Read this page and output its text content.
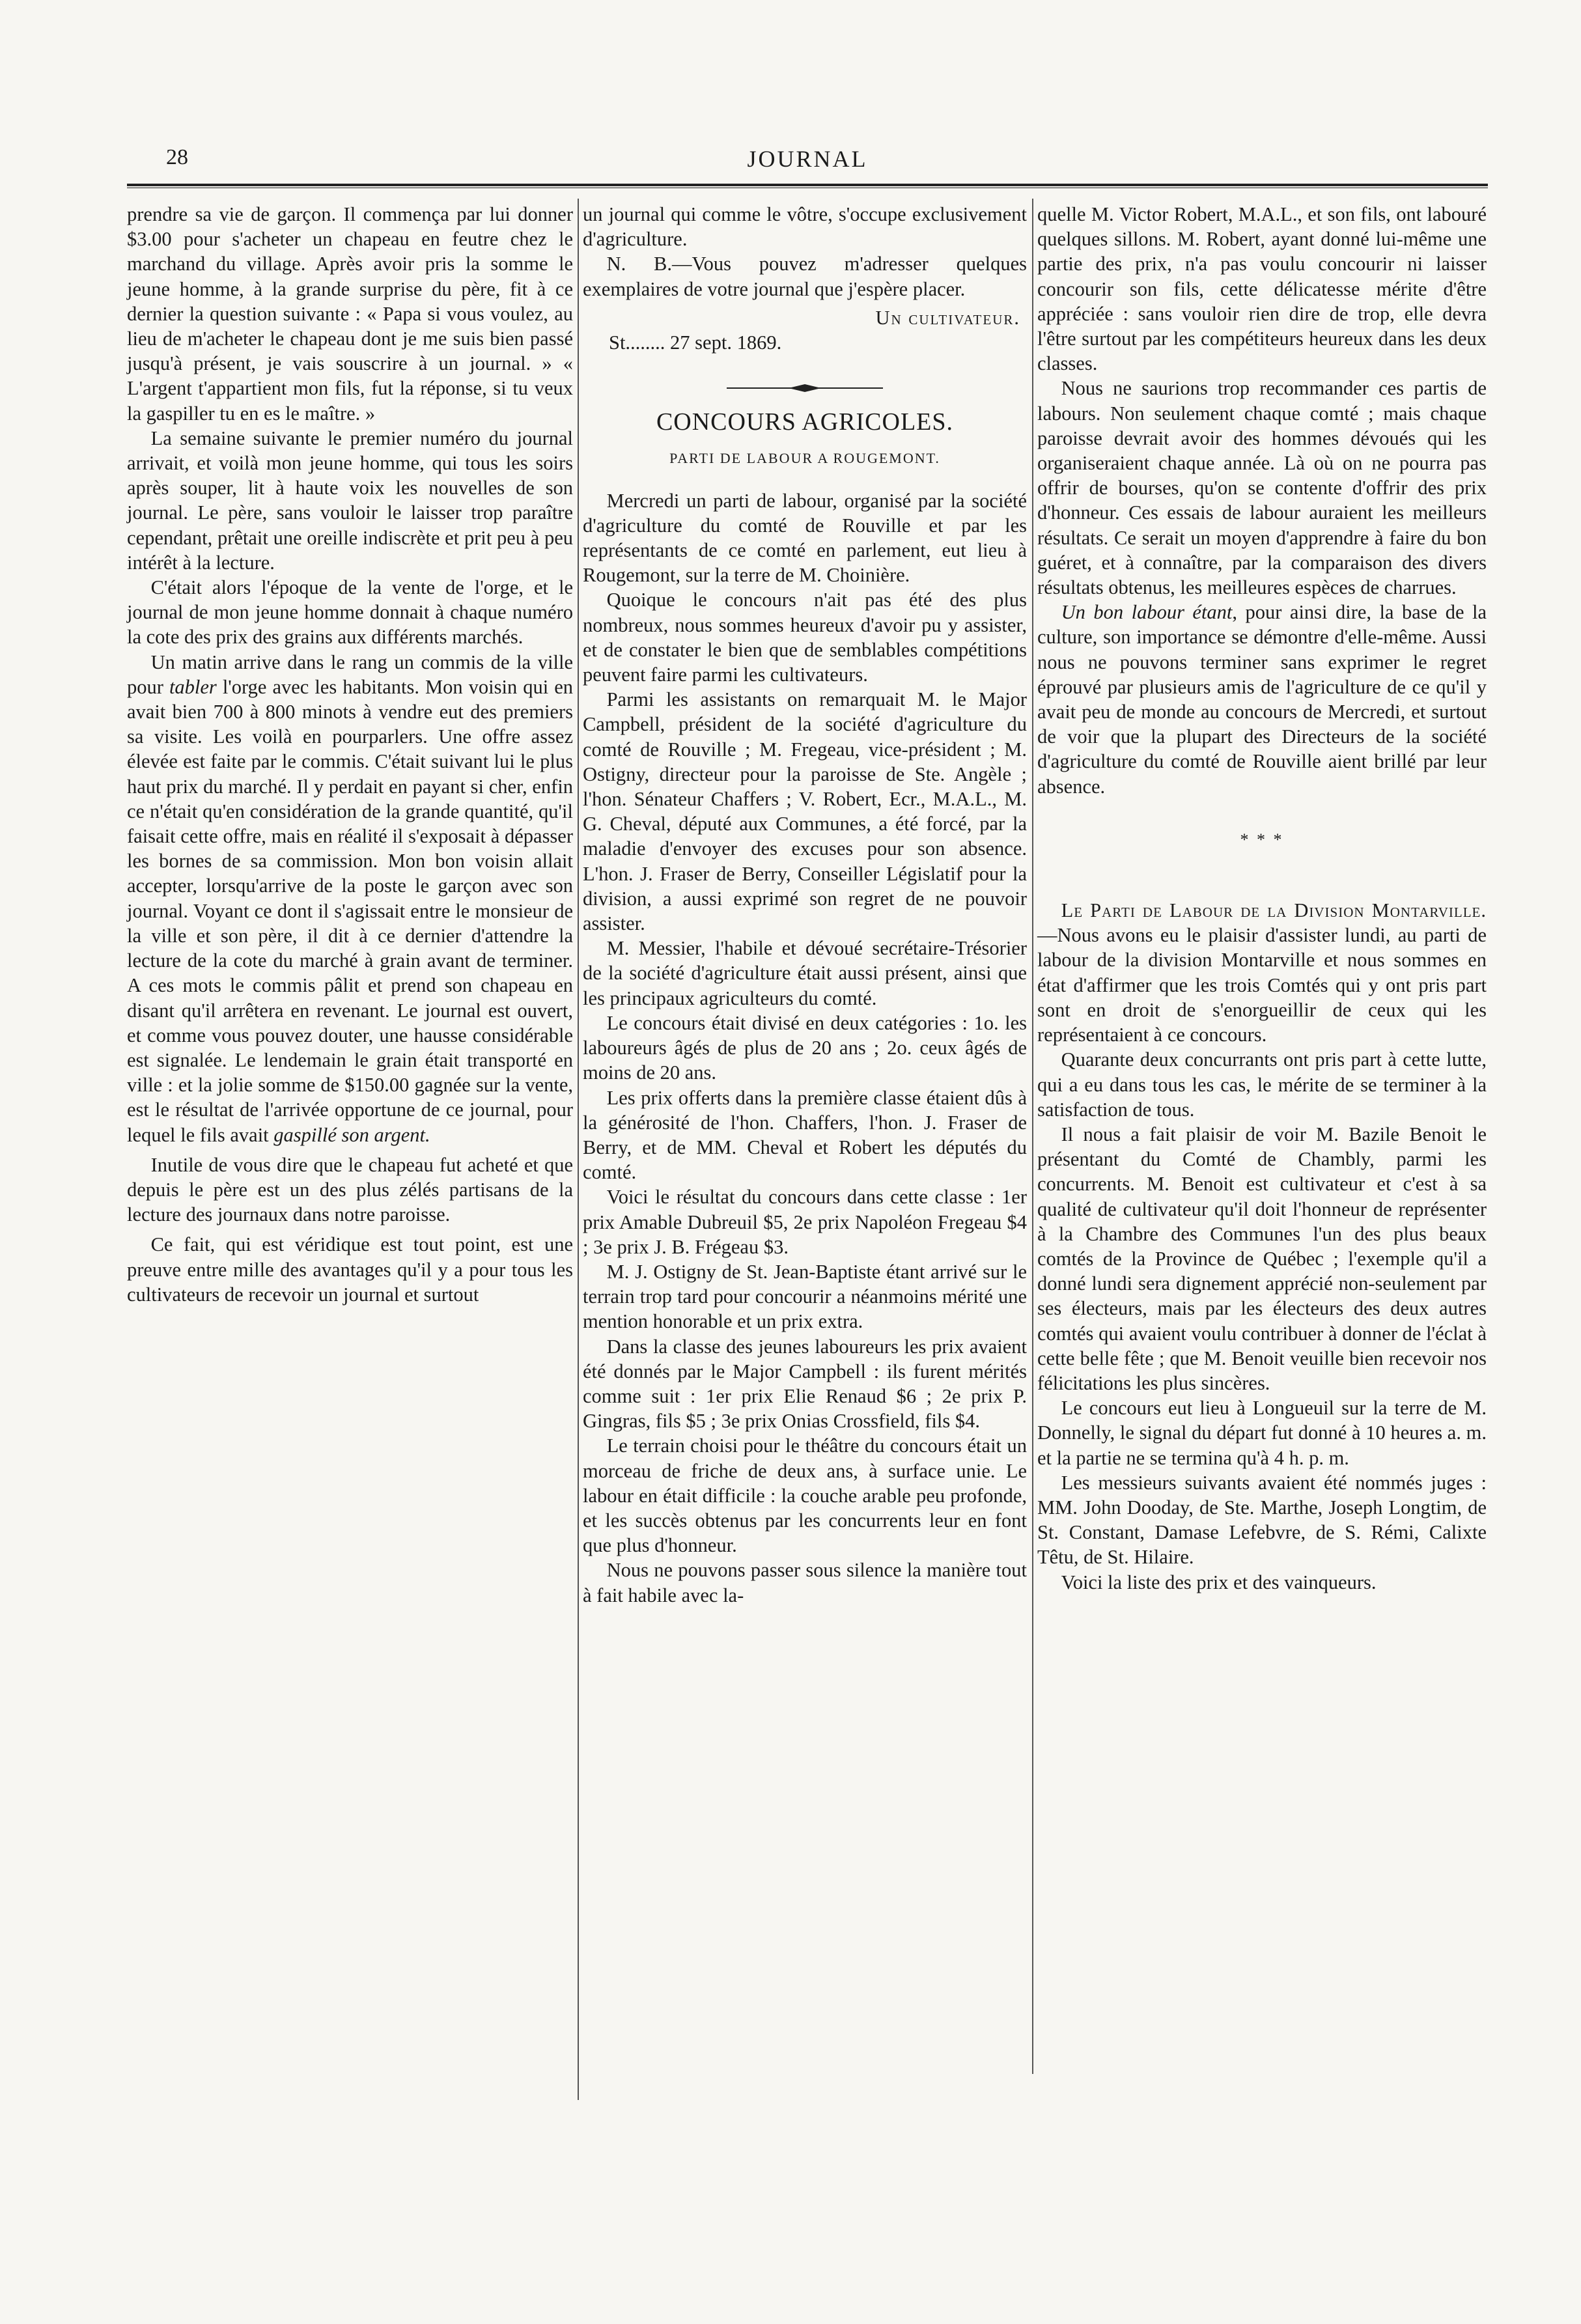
28	JOURNAL

prendre sa vie de garçon. Il commença par lui donner $3.00 pour s'acheter un chapeau en feutre chez le marchand du village. Après avoir pris la somme le jeune homme, à la grande surprise du père, fit à ce dernier la question suivante : « Papa si vous voulez, au lieu de m'acheter le chapeau dont je me suis bien passé jusqu'à présent, je vais souscrire à un journal. » « L'argent t'appartient mon fils, fut la réponse, si tu veux la gaspiller tu en es le maître. »

La semaine suivante le premier numéro du journal arrivait, et voilà mon jeune homme, qui tous les soirs après souper, lit à haute voix les nouvelles de son journal. Le père, sans vouloir le laisser trop paraître cependant, prêtait une oreille indiscrète et prit peu à peu intérêt à la lecture.

C'était alors l'époque de la vente de l'orge, et le journal de mon jeune homme donnait à chaque numéro la cote des prix des grains aux différents marchés.

Un matin arrive dans le rang un commis de la ville pour tabler l'orge avec les habitants. Mon voisin qui en avait bien 700 à 800 minots à vendre eut des premiers sa visite. Les voilà en pourparlers. Une offre assez élevée est faite par le commis. C'était suivant lui le plus haut prix du marché. Il y perdait en payant si cher, enfin ce n'était qu'en considération de la grande quantité, qu'il faisait cette offre, mais en réalité il s'exposait à dépasser les bornes de sa commission. Mon bon voisin allait accepter, lorsqu'arrive de la poste le garçon avec son journal. Voyant ce dont il s'agissait entre le monsieur de la ville et son père, il dit à ce dernier d'attendre la lecture de la cote du marché à grain avant de terminer. A ces mots le commis pâlit et prend son chapeau en disant qu'il arrêtera en revenant. Le journal est ouvert, et comme vous pouvez douter, une hausse considérable est signalée. Le lendemain le grain était transporté en ville : et la jolie somme de $150.00 gagnée sur la vente, est le résultat de l'arrivée opportune de ce journal, pour lequel le fils avait gaspillé son argent.

Inutile de vous dire que le chapeau fut acheté et que depuis le père est un des plus zélés partisans de la lecture des journaux dans notre paroisse.

Ce fait, qui est véridique est tout point, est une preuve entre mille des avantages qu'il y a pour tous les cultivateurs de recevoir un journal et surtout

un journal qui comme le vôtre, s'occupe exclusivement d'agriculture.

N. B.—Vous pouvez m'adresser quelques exemplaires de votre journal que j'espère placer.

Un cultivateur.

St........ 27 sept. 1869.

CONCOURS AGRICOLES.

PARTI DE LABOUR A ROUGEMONT.

Mercredi un parti de labour, organisé par la société d'agriculture du comté de Rouville et par les représentants de ce comté en parlement, eut lieu à Rougemont, sur la terre de M. Choinière.

Quoique le concours n'ait pas été des plus nombreux, nous sommes heureux d'avoir pu y assister, et de constater le bien que de semblables compétitions peuvent faire parmi les cultivateurs.

Parmi les assistants on remarquait M. le Major Campbell, président de la société d'agriculture du comté de Rouville ; M. Fregeau, vice-président ; M. Ostigny, directeur pour la paroisse de Ste. Angèle ; l'hon. Sénateur Chaffers ; V. Robert, Ecr., M.A.L., M. G. Cheval, député aux Communes, a été forcé, par la maladie d'envoyer des excuses pour son absence. L'hon. J. Fraser de Berry, Conseiller Législatif pour la division, a aussi exprimé son regret de ne pouvoir assister.

M. Messier, l'habile et dévoué secrétaire-Trésorier de la société d'agriculture était aussi présent, ainsi que les principaux agriculteurs du comté.

Le concours était divisé en deux catégories : 1o. les laboureurs âgés de plus de 20 ans ; 2o. ceux âgés de moins de 20 ans.

Les prix offerts dans la première classe étaient dûs à la générosité de l'hon. Chaffers, l'hon. J. Fraser de Berry, et de MM. Cheval et Robert les députés du comté.

Voici le résultat du concours dans cette classe : 1er prix Amable Dubreuil $5, 2e prix Napoléon Fregeau $4 ; 3e prix J. B. Frégeau $3.

M. J. Ostigny de St. Jean-Baptiste étant arrivé sur le terrain trop tard pour concourir a néanmoins mérité une mention honorable et un prix extra.

Dans la classe des jeunes laboureurs les prix avaient été donnés par le Major Campbell : ils furent mérités comme suit : 1er prix Elie Renaud $6 ; 2e prix P. Gingras, fils $5 ; 3e prix Onias Crossfield, fils $4.

Le terrain choisi pour le théâtre du concours était un morceau de friche de deux ans, à surface unie. Le labour en était difficile : la couche arable peu profonde, et les succès obtenus par les concurrents leur en font que plus d'honneur.

Nous ne pouvons passer sous silence la manière tout à fait habile avec la-

quelle M. Victor Robert, M.A.L., et son fils, ont labouré quelques sillons. M. Robert, ayant donné lui-même une partie des prix, n'a pas voulu concourir ni laisser concourir son fils, cette délicatesse mérite d'être appréciée : sans vouloir rien dire de trop, elle devra l'être surtout par les compétiteurs heureux dans les deux classes.

Nous ne saurions trop recommander ces partis de labours. Non seulement chaque comté ; mais chaque paroisse devrait avoir des hommes dévoués qui les organiseraient chaque année. Là où on ne pourra pas offrir de bourses, qu'on se contente d'offrir des prix d'honneur. Ces essais de labour auraient les meilleurs résultats. Ce serait un moyen d'apprendre à faire du bon guéret, et à connaître, par la comparaison des divers résultats obtenus, les meilleures espèces de charrues.

Un bon labour étant, pour ainsi dire, la base de la culture, son importance se démontre d'elle-même. Aussi nous ne pouvons terminer sans exprimer le regret éprouvé par plusieurs amis de l'agriculture de ce qu'il y avait peu de monde au concours de Mercredi, et surtout de voir que la plupart des Directeurs de la société d'agriculture du comté de Rouville aient brillé par leur absence.

* * *

Le Parti de Labour de la Division Montarville.—Nous avons eu le plaisir d'assister lundi, au parti de labour de la division Montarville et nous sommes en état d'affirmer que les trois Comtés qui y ont pris part sont en droit de s'enorgueillir de ceux qui les représentaient à ce concours.

Quarante deux concurrants ont pris part à cette lutte, qui a eu dans tous les cas, le mérite de se terminer à la satisfaction de tous.

Il nous a fait plaisir de voir M. Bazile Benoit le présentant du Comté de Chambly, parmi les concurrents. M. Benoit est cultivateur et c'est à sa qualité de cultivateur qu'il doit l'honneur de représenter à la Chambre des Communes l'un des plus beaux comtés de la Province de Québec ; l'exemple qu'il a donné lundi sera dignement apprécié non-seulement par ses électeurs, mais par les électeurs des deux autres comtés qui avaient voulu contribuer à donner de l'éclat à cette belle fête ; que M. Benoit veuille bien recevoir nos félicitations les plus sincères.

Le concours eut lieu à Longueuil sur la terre de M. Donnelly, le signal du départ fut donné à 10 heures a. m. et la partie ne se termina qu'à 4 h. p. m.

Les messieurs suivants avaient été nommés juges : MM. John Dooday, de Ste. Marthe, Joseph Longtim, de St. Constant, Damase Lefebvre, de S. Rémi, Calixte Têtu, de St. Hilaire.

Voici la liste des prix et des vainqueurs.
